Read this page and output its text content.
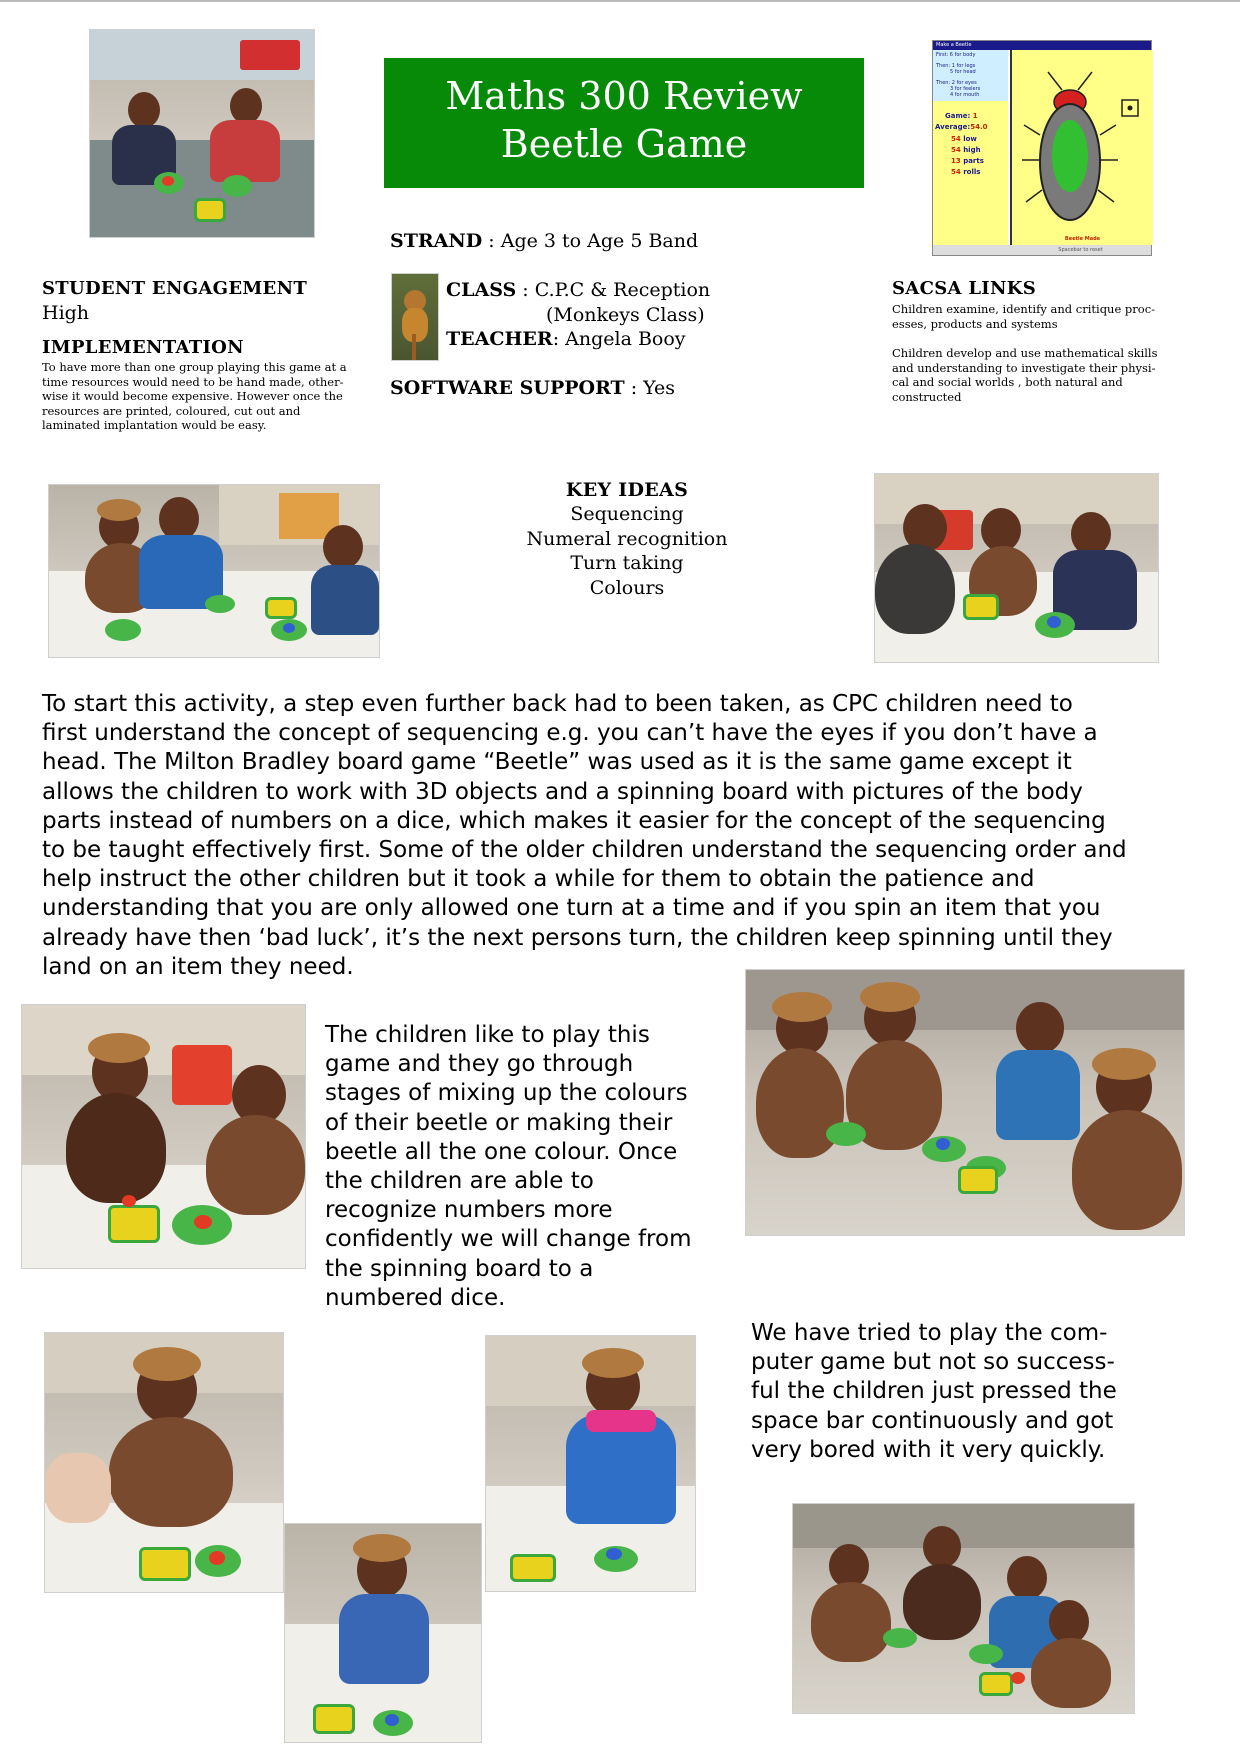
Maths 300 Review
Beetle Game
Make a Beetle
First: 6 for body
Then: 1 for legs
5 for head
Then: 2 for eyes
3 for feelers
4 for mouth
Game: 1
Average:54.0
54 low
54 high
13 parts
54 rolls
Beetle Made
Spacebar to reset
STRAND : Age 3 to Age 5 Band
CLASS : C.P.C & Reception
(Monkeys Class)
TEACHER: Angela Booy
SOFTWARE SUPPORT : Yes
STUDENT ENGAGEMENT
High
IMPLEMENTATION
To have more than one group playing this game at a
time resources would need to be hand made, other-
wise it would become expensive. However once the
resources are printed, coloured, cut out and
laminated implantation would be easy.
SACSA LINKS
Children examine, identify and critique proc-
esses, products and systems
Children develop and use mathematical skills
and understanding to investigate their physi-
cal and social worlds , both natural and
constructed
KEY IDEAS
Sequencing
Numeral recognition
Turn taking
Colours
To start this activity, a step even further back had to been taken, as CPC children need to
first understand the concept of sequencing e.g. you can’t have the eyes if you don’t have a
head. The Milton Bradley board game “Beetle” was used as it is the same game except it
allows the children to work with 3D objects and a spinning board with pictures of the body
parts instead of numbers on a dice, which makes it easier for the concept of the sequencing
to be taught effectively first. Some of the older children understand the sequencing order and
help instruct the other children but it took a while for them to obtain the patience and
understanding that you are only allowed one turn at a time and if you spin an item that you
already have then ‘bad luck’, it’s the next persons turn, the children keep spinning until they
land on an item they need.
The children like to play this
game and they go through
stages of mixing up the colours
of their beetle or making their
beetle all the one colour. Once
the children are able to
recognize numbers more
confidently we will change from
the spinning board to a
numbered dice.
We have tried to play the com-
puter game but not so success-
ful the children just pressed the
space bar continuously and got
very bored with it very quickly.
